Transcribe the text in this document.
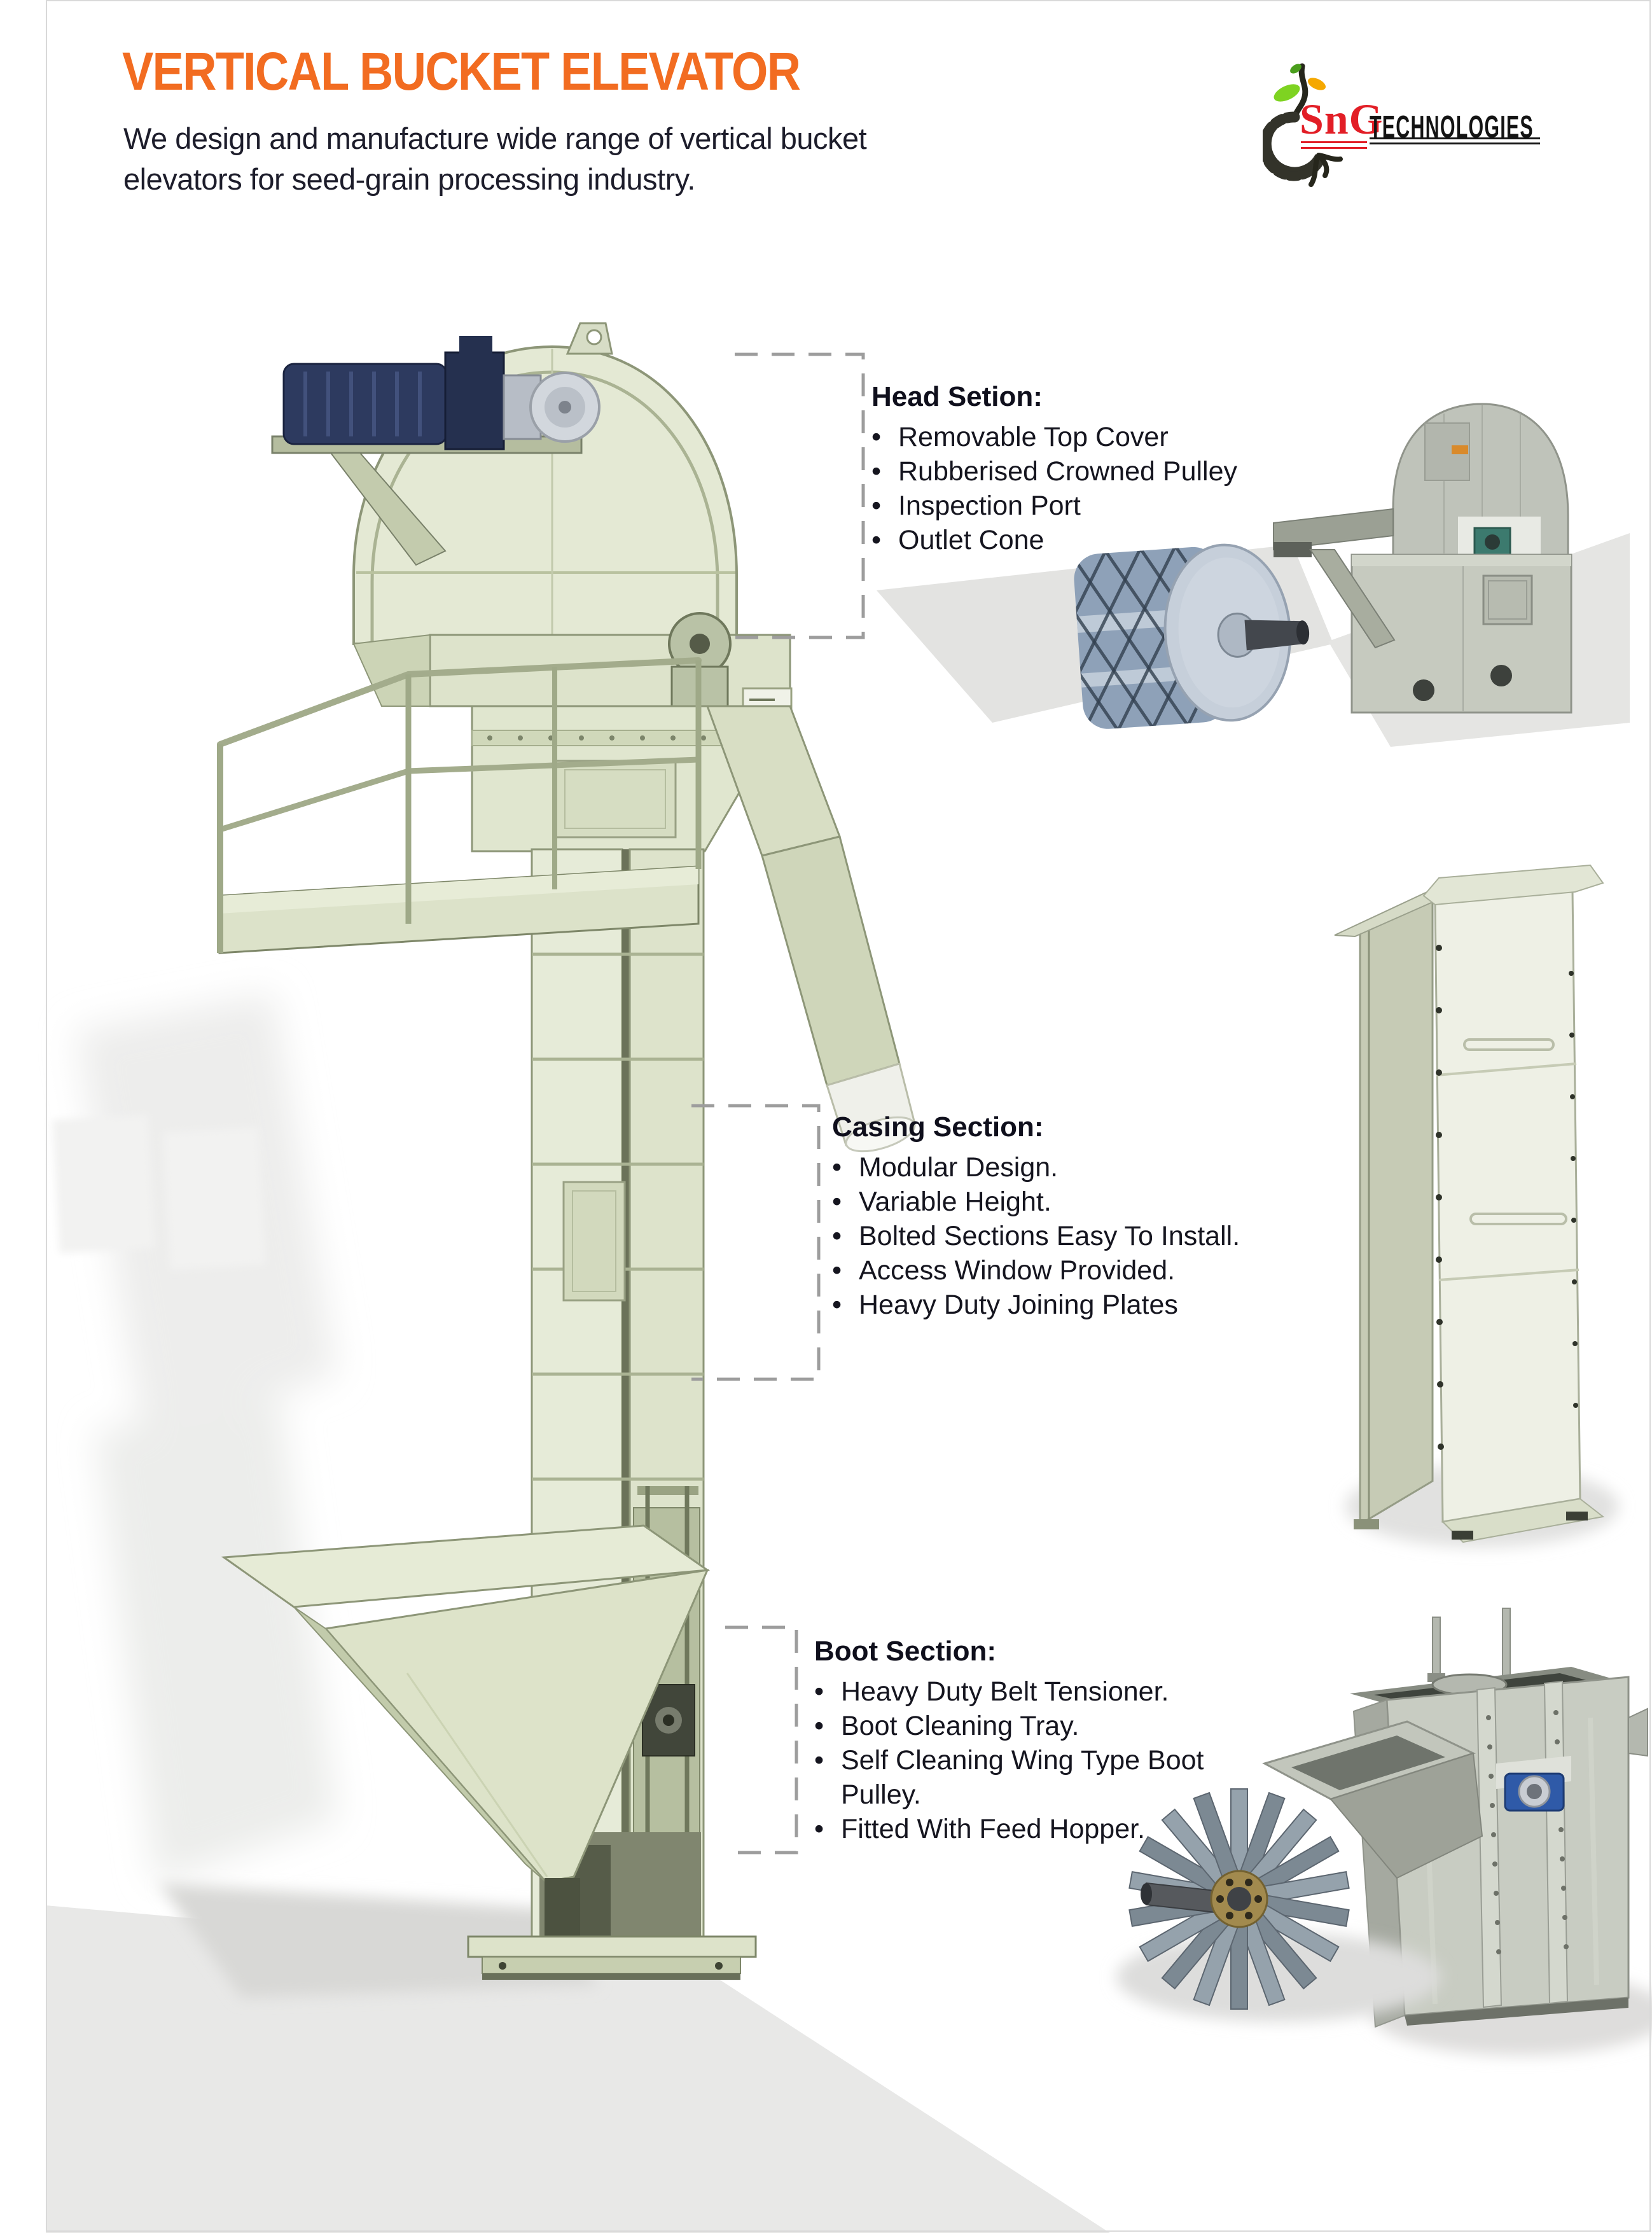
VERTICAL BUCKET ELEVATOR
We design and manufacture wide range of vertical bucket
elevators for seed-grain processing industry.
SnG
TECHNOLOGIES
Head Setion:
• Removable Top Cover
• Rubberised Crowned Pulley
• Inspection Port
• Outlet Cone
Casing Section:
• Modular Design.
• Variable Height.
• Bolted Sections Easy To Install.
• Access Window Provided.
• Heavy Duty Joining Plates
Boot Section:
• Heavy Duty Belt Tensioner.
• Boot Cleaning Tray.
• Self Cleaning Wing Type Boot Pulley.
• Fitted With Feed Hopper.
